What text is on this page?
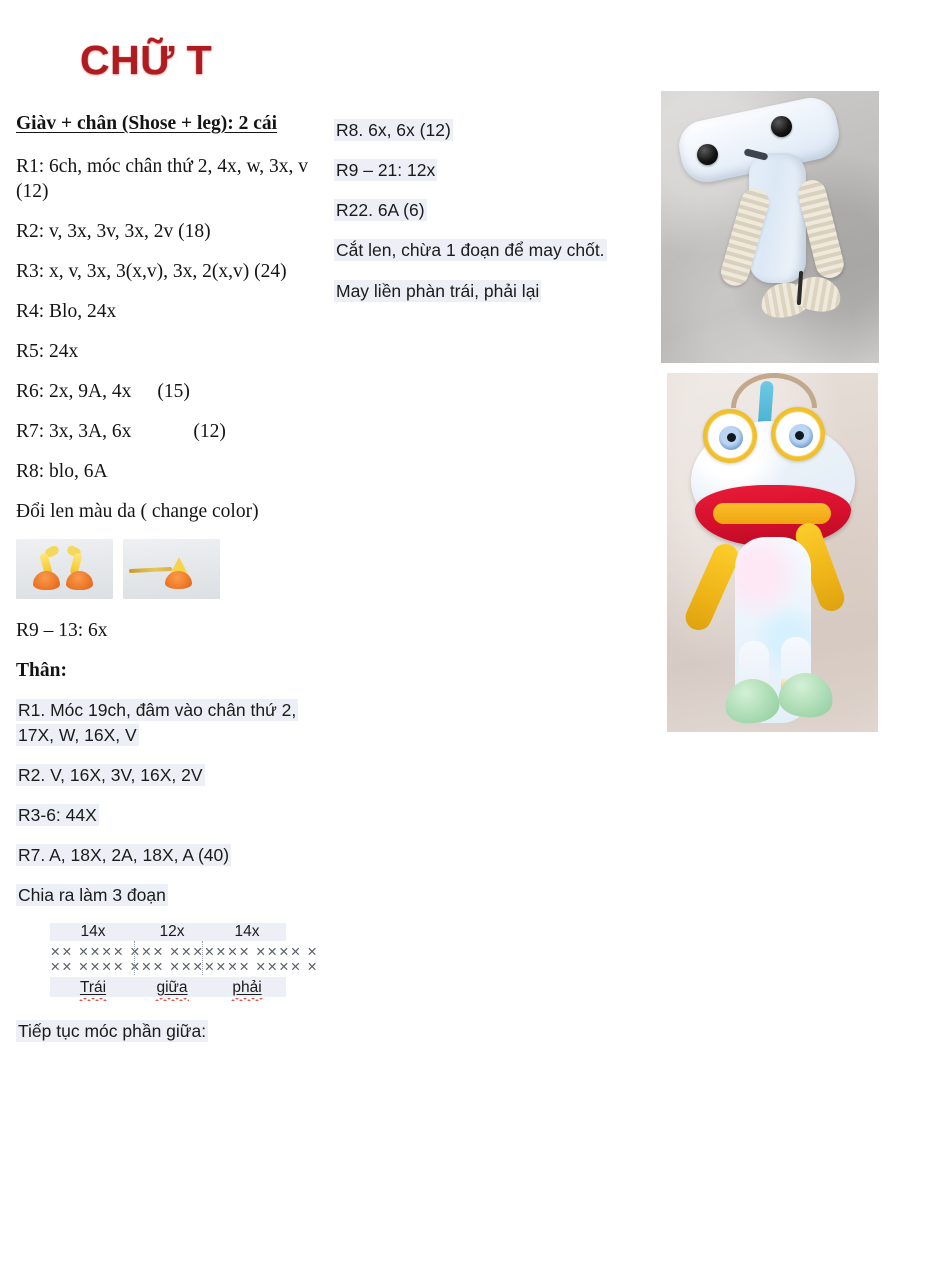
CHỮ T

Giàv + chân (Shose + leg): 2 cái

R1: 6ch, móc chân thứ 2, 4x, w, 3x, v (12)

R2: v, 3x, 3v, 3x, 2v (18)

R3: x, v, 3x, 3(x,v), 3x, 2(x,v) (24)

R4: Blo, 24x

R5: 24x

R6: 2x, 9A, 4x (15)

R7: 3x, 3A, 6x	(12)

R8: blo, 6A

Đổi len màu da ( change color)

R9 – 13: 6x

Thân:

R1. Móc 19ch, đâm vào chân thứ 2, 17X, W, 16X, V

R2. V, 16X, 3V, 16X, 2V

R3-6: 44X

R7. A, 18X, 2A, 18X, A (40)

Chia ra làm 3 đoạn

14x	12x	14x
✕✕ ✕✕✕✕ ✕✕✕ ✕✕✕✕✕✕✕ ✕✕✕✕ ✕
✕✕ ✕✕✕✕ ✕✕✕ ✕✕✕✕✕✕✕ ✕✕✕✕ ✕
Trái	giữa	phải

Tiếp tục móc phần giữa:

R8. 6x, 6x (12)

R9 – 21: 12x

R22. 6A (6)

Cắt len, chừa 1 đoạn để may chốt.

May liền phàn trái, phải lại
